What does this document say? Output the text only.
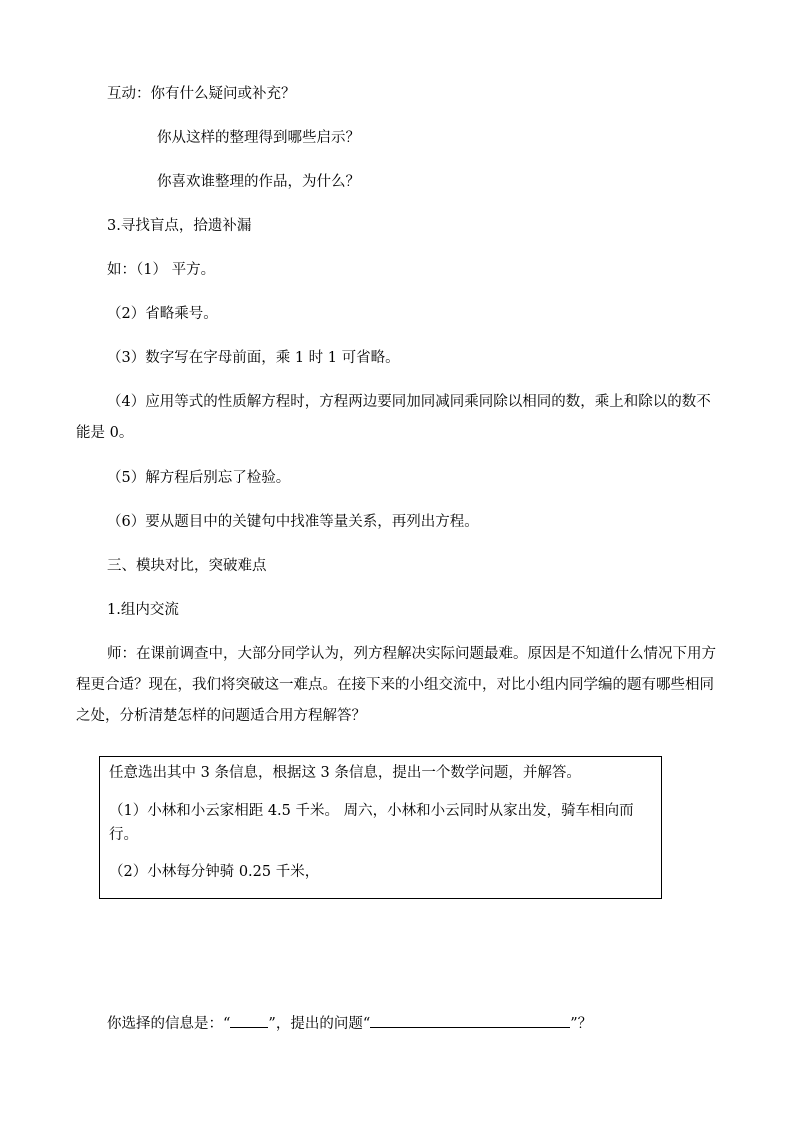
互动：你有什么疑问或补充？
你从这样的整理得到哪些启示？
你喜欢谁整理的作品，为什么？
3.寻找盲点，拾遗补漏
如：（1） 平方。
（2）省略乘号。
（3）数字写在字母前面，乘 1 时 1 可省略。
（4）应用等式的性质解方程时，方程两边要同加同减同乘同除以相同的数，乘上和除以的数不能是 0。
（5）解方程后别忘了检验。
（6）要从题目中的关键句中找准等量关系，再列出方程。
三、模块对比，突破难点
1.组内交流
师：在课前调查中，大部分同学认为，列方程解决实际问题最难。原因是不知道什么情况下用方程更合适？现在，我们将突破这一难点。在接下来的小组交流中，对比小组内同学编的题有哪些相同之处，分析清楚怎样的问题适合用方程解答？
任意选出其中 3 条信息，根据这 3 条信息，提出一个数学问题，并解答。
（1）小林和小云家相距 4.5 千米。 周六，小林和小云同时从家出发，骑车相向而行。
（2）小林每分钟骑 0.25 千米，
你选择的信息是：“	”，提出的问题“	”？
